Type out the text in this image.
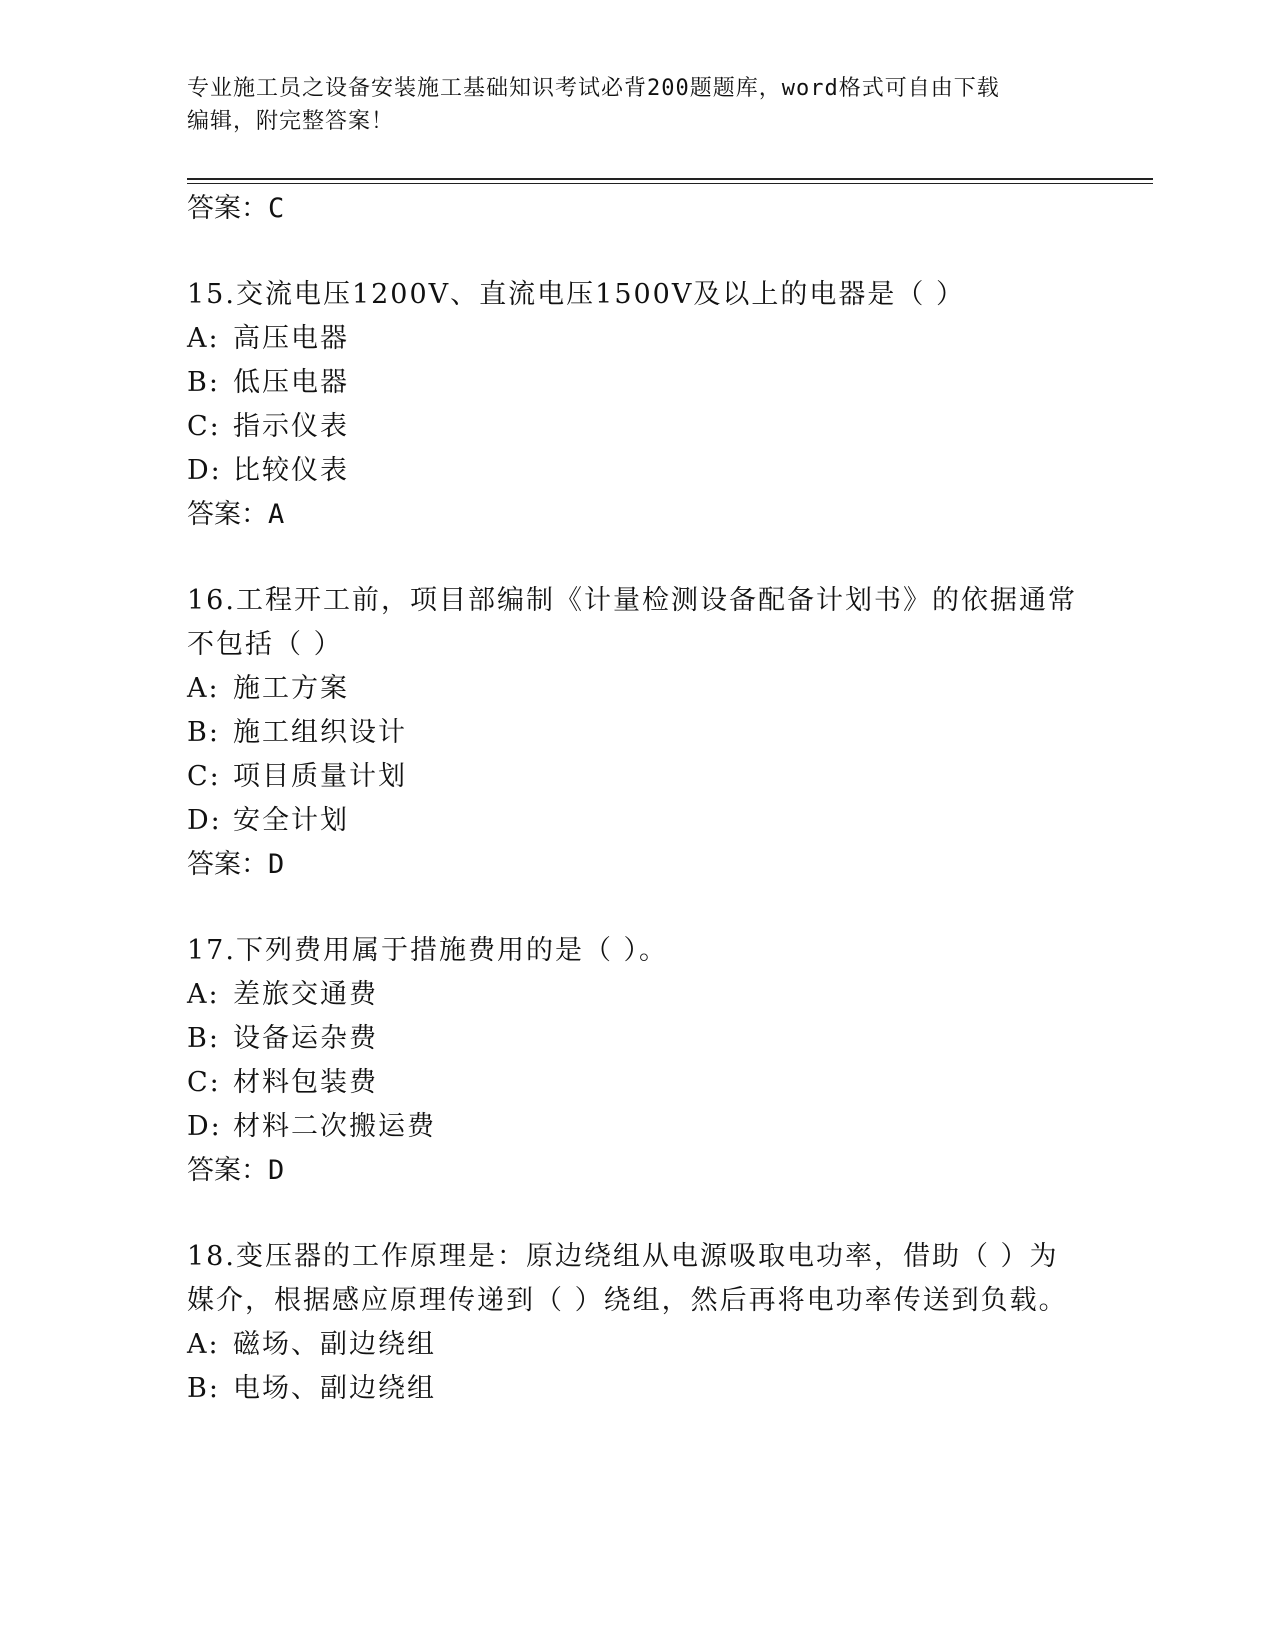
专业施工员之设备安装施工基础知识考试必背200题题库，word格式可自由下载
编辑，附完整答案！
答案：C
15.交流电压1200V、直流电压1500V及以上的电器是（ ）
A: 高压电器
B: 低压电器
C: 指示仪表
D: 比较仪表
答案：A
16.工程开工前，项目部编制《计量检测设备配备计划书》的依据通常
不包括（ ）
A: 施工方案
B: 施工组织设计
C: 项目质量计划
D: 安全计划
答案：D
17.下列费用属于措施费用的是（ ）。
A: 差旅交通费
B: 设备运杂费
C: 材料包装费
D: 材料二次搬运费
答案：D
18.变压器的工作原理是：原边绕组从电源吸取电功率，借助（ ）为
媒介，根据感应原理传递到（ ）绕组，然后再将电功率传送到负载。
A: 磁场、副边绕组
B: 电场、副边绕组
